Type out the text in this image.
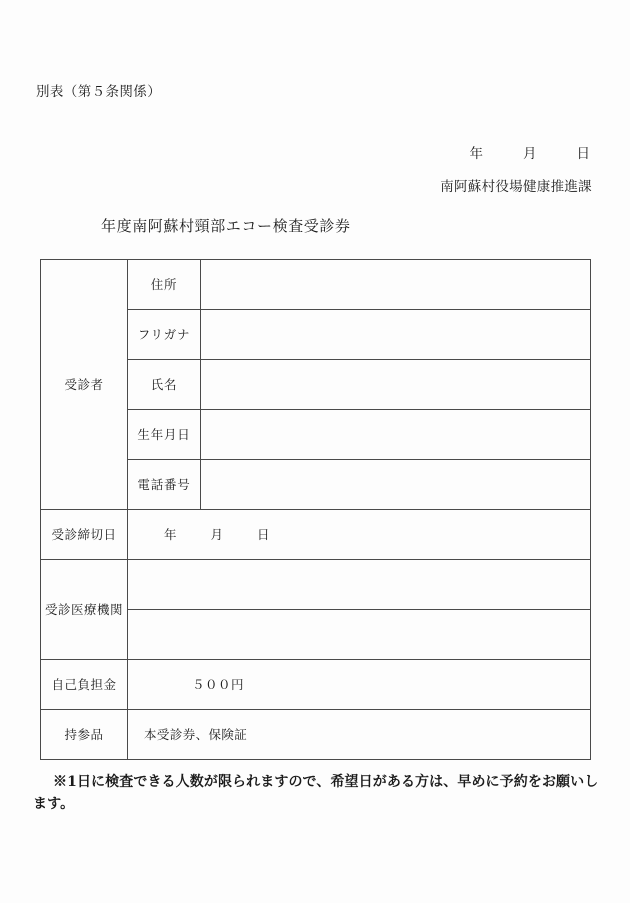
別表（第５条関係）
年	月	日
南阿蘇村役場健康推進課
年度南阿蘇村頸部エコー検査受診券
受診者	住所	
	フリガナ	
	氏名	
	生年月日	
	電話番号	
受診締切日	年 月 日	
受診医療機関		

自己負担金	５００円	
持参品	本受診券、保険証	
※1日に検査できる人数が限られますので、希望日がある方は、早めに予約をお願いします。
